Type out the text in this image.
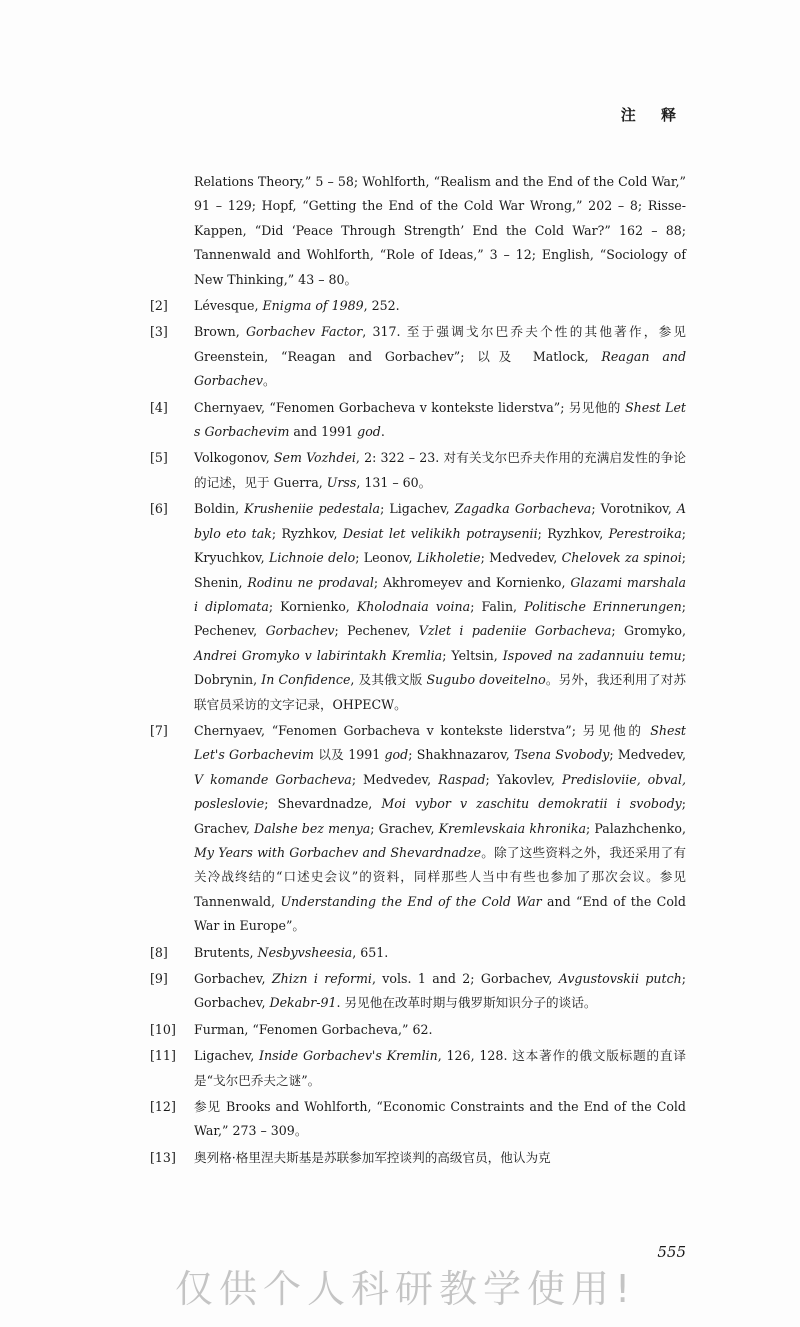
注 释
Relations Theory,” 5 – 58; Wohlforth, “Realism and the End of the Cold War,” 91 – 129; Hopf, “Getting the End of the Cold War Wrong,” 202 – 8; Risse-Kappen, “Did ‘Peace Through Strength’ End the Cold War?” 162 – 88; Tannenwald and Wohlforth, “Role of Ideas,” 3 – 12; English, “Sociology of New Thinking,” 43 – 80。
[2] Lévesque, Enigma of 1989, 252.
[3] Brown, Gorbachev Factor, 317. 至于强调戈尔巴乔夫个性的其他著作，参见 Greenstein, “Reagan and Gorbachev”; 以及 Matlock, Reagan and Gorbachev。
[4] Chernyaev, “Fenomen Gorbacheva v kontekste liderstva”; 另见他的 Shest Let s Gorbachevim and 1991 god.
[5] Volkogonov, Sem Vozhdei, 2: 322 – 23. 对有关戈尔巴乔夫作用的充满启发性的争论的记述，见于 Guerra, Urss, 131 – 60。
[6] Boldin, Krusheniie pedestala; Ligachev, Zagadka Gorbacheva; Vorotnikov, A bylo eto tak; Ryzhkov, Desiat let velikikh potraysenii; Ryzhkov, Perestroika; Kryuchkov, Lichnoie delo; Leonov, Likholetie; Medvedev, Chelovek za spinoi; Shenin, Rodinu ne prodaval; Akhromeyev and Kornienko, Glazami marshala i diplomata; Kornienko, Kholodnaia voina; Falin, Politische Erinnerungen; Pechenev, Gorbachev; Pechenev, Vzlet i padeniie Gorbacheva; Gromyko, Andrei Gromyko v labirintakh Kremlia; Yeltsin, Ispoved na zadannuiu temu; Dobrynin, In Confidence, 及其俄文版 Sugubo doveitelno。另外，我还利用了对苏联官员采访的文字记录，OHPECW。
[7] Chernyaev, “Fenomen Gorbacheva v kontekste liderstva”; 另见他的 Shest Let's Gorbachevim 以及 1991 god; Shakhnazarov, Tsena Svobody; Medvedev, V komande Gorbacheva; Medvedev, Raspad; Yakovlev, Predisloviie, obval, posleslovie; Shevardnadze, Moi vybor v zaschitu demokratii i svobody; Grachev, Dalshe bez menya; Grachev, Kremlevskaia khronika; Palazhchenko, My Years with Gorbachev and Shevardnadze。除了这些资料之外，我还采用了有关冷战终结的“口述史会议”的资料，同样那些人当中有些也参加了那次会议。参见 Tannenwald, Understanding the End of the Cold War and “End of the Cold War in Europe”。
[8] Brutents, Nesbyvsheesia, 651.
[9] Gorbachev, Zhizn i reformi, vols. 1 and 2; Gorbachev, Avgustovskii putch; Gorbachev, Dekabr-91. 另见他在改革时期与俄罗斯知识分子的谈话。
[10] Furman, “Fenomen Gorbacheva,” 62.
[11] Ligachev, Inside Gorbachev's Kremlin, 126, 128. 这本著作的俄文版标题的直译是“戈尔巴乔夫之谜”。
[12] 参见 Brooks and Wohlforth, “Economic Constraints and the End of the Cold War,” 273 – 309。
[13] 奥列格·格里涅夫斯基是苏联参加军控谈判的高级官员，他认为克
555
仅供个人科研教学使用!
